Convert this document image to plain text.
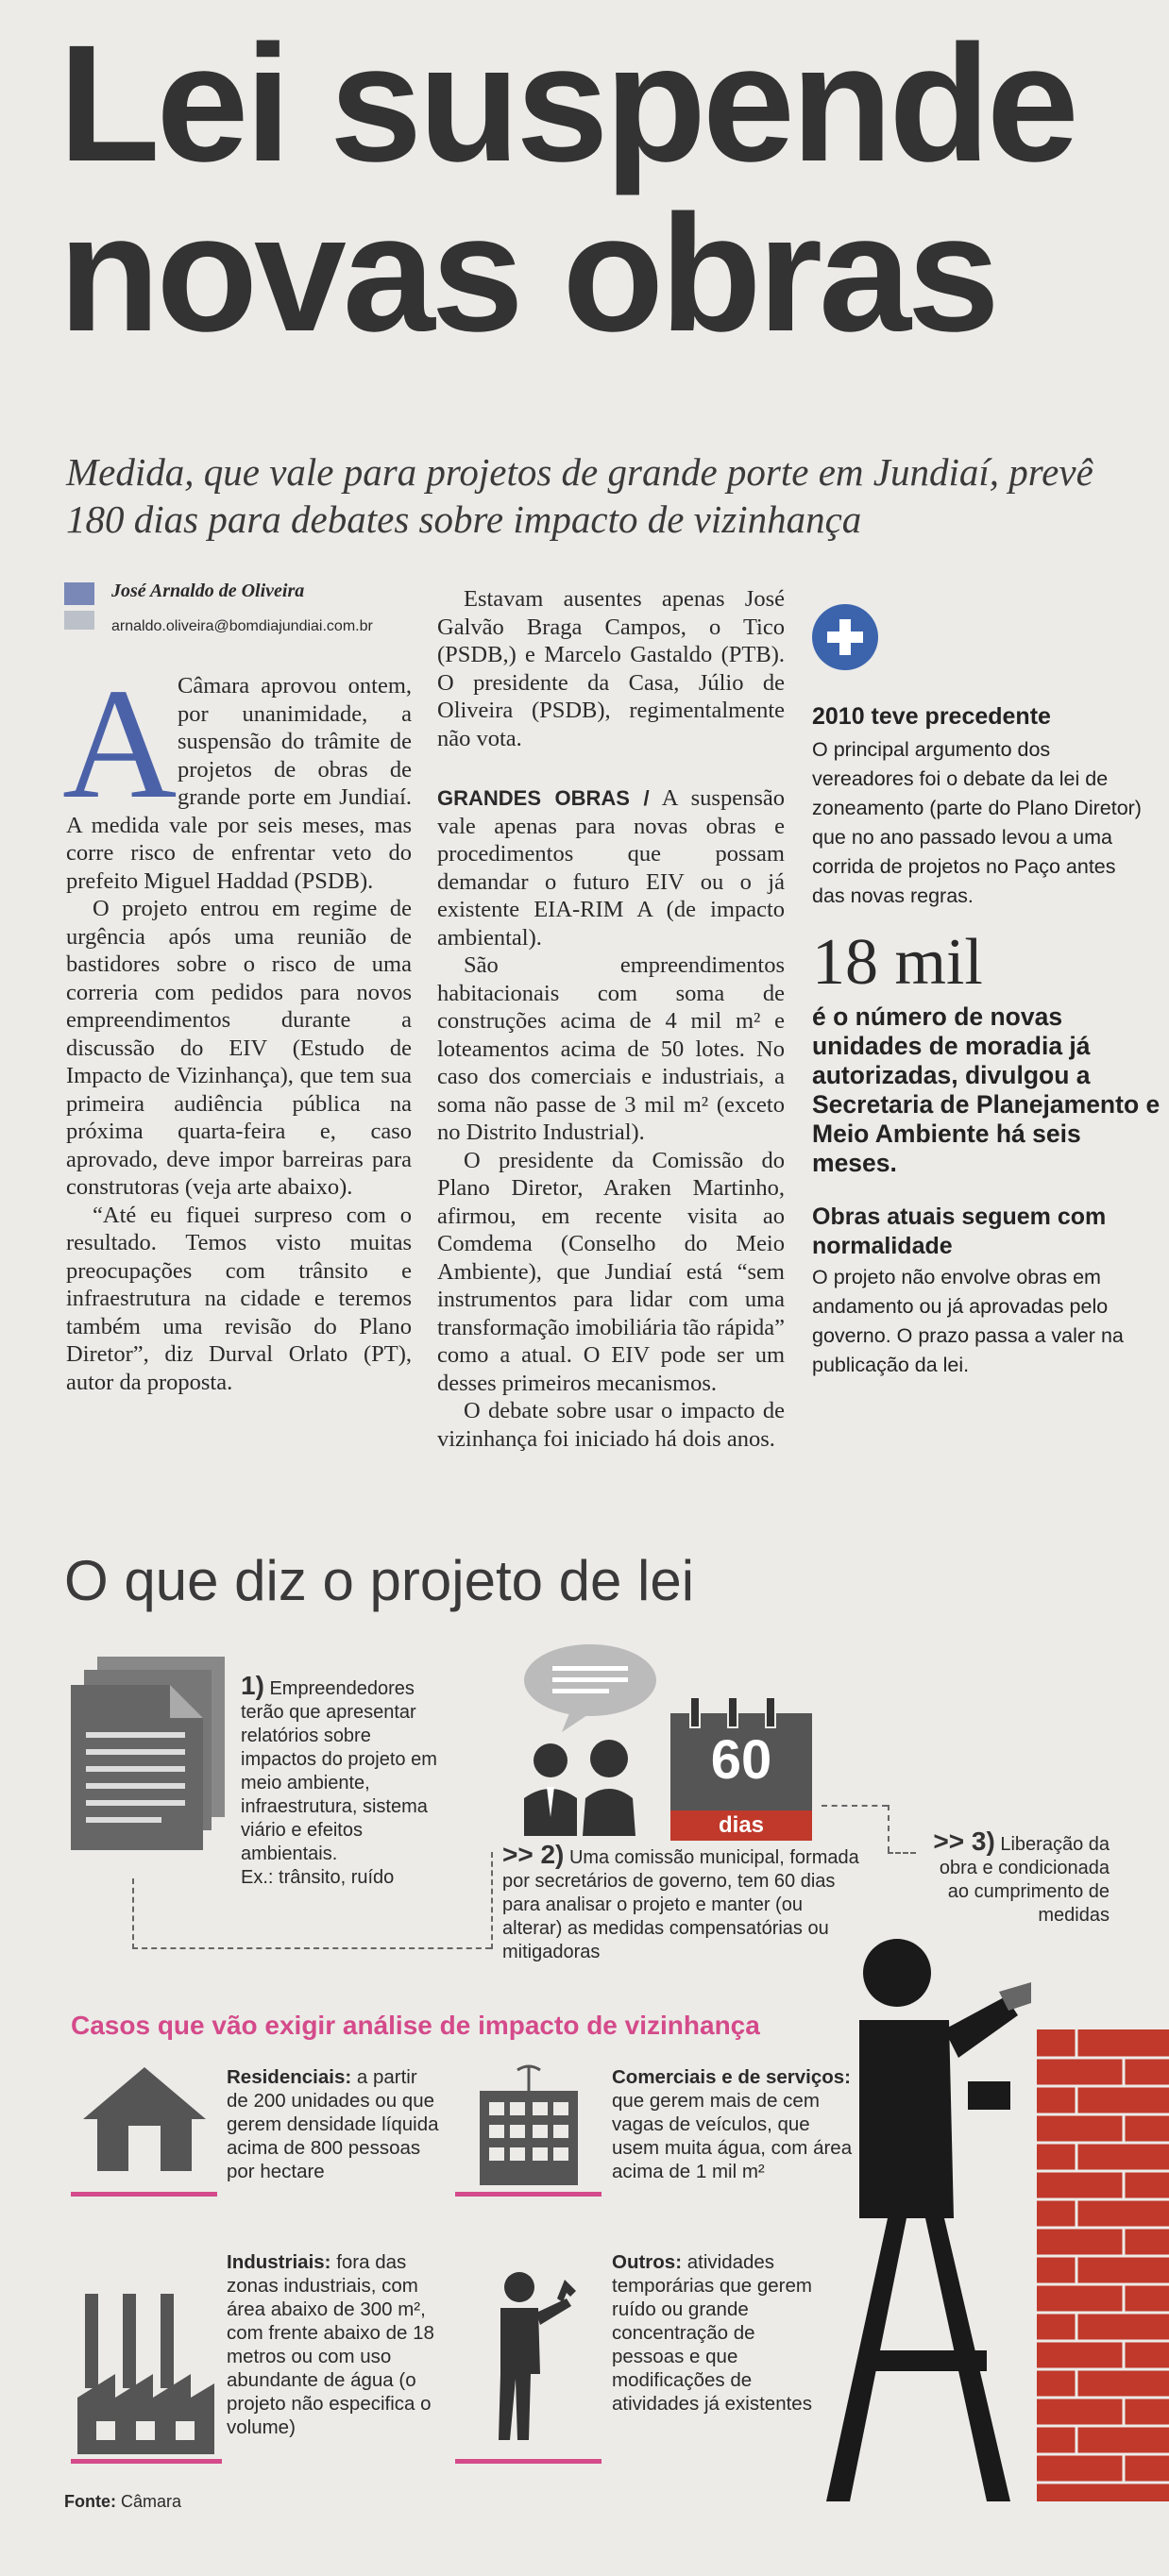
Lei suspende novas obras
Medida, que vale para projetos de grande porte em Jundiaí, prevê 180 dias para debates sobre impacto de vizinhança
José Arnaldo de Oliveira
arnaldo.oliveira@bomdiajundiai.com.br

A Câmara aprovou ontem, por unanimidade, a suspensão do trâmite de projetos de obras de grande porte em Jundiaí. A medida vale por seis meses, mas corre risco de enfrentar veto do prefeito Miguel Haddad (PSDB).

O projeto entrou em regime de urgência após uma reunião de bastidores sobre o risco de uma correria com pedidos para novos empreendimentos durante a discussão do EIV (Estudo de Impacto de Vizinhança), que tem sua primeira audiência pública na próxima quarta-feira e, caso aprovado, deve impor barreiras para construtoras (veja arte abaixo).

“Até eu fiquei surpreso com o resultado. Temos visto muitas preocupações com trânsito e infraestrutura na cidade e teremos também uma revisão do Plano Diretor”, diz Durval Orlato (PT), autor da proposta.

Estavam ausentes apenas José Galvão Braga Campos, o Tico (PSDB,) e Marcelo Gastaldo (PTB). O presidente da Casa, Júlio de Oliveira (PSDB), regimentalmente não vota.

GRANDES OBRAS / A suspensão vale apenas para novas obras e procedimentos que possam demandar o futuro EIV ou o já existente EIA-RIM A (de impacto ambiental).

São empreendimentos habitacionais com soma de construções acima de 4 mil m² e loteamentos acima de 50 lotes. No caso dos comerciais e industriais, a soma não passe de 3 mil m² (exceto no Distrito Industrial).

O presidente da Comissão do Plano Diretor, Araken Martinho, afirmou, em recente visita ao Comdema (Conselho do Meio Ambiente), que Jundiaí está “sem instrumentos para lidar com uma transformação imobiliária tão rápida” como a atual. O EIV pode ser um desses primeiros mecanismos.

O debate sobre usar o impacto de vizinhança foi iniciado há dois anos.

2010 teve precedente
O principal argumento dos vereadores foi o debate da lei de zoneamento (parte do Plano Diretor) que no ano passado levou a uma corrida de projetos no Paço antes das novas regras.
18 mil
é o número de novas unidades de moradia já autorizadas, divulgou a Secretaria de Planejamento e Meio Ambiente há seis meses.
Obras atuais seguem com normalidade
O projeto não envolve obras em andamento ou já aprovadas pelo governo. O prazo passa a valer na publicação da lei.
O que diz o projeto de lei
1) Empreendedores terão que apresentar relatórios sobre impactos do projeto em meio ambiente, infraestrutura, sistema viário e efeitos ambientais.
Ex.: trânsito, ruído
60
dias
>> 2) Uma comissão municipal, formada por secretários de governo, tem 60 dias para analisar o projeto e manter (ou alterar) as medidas compensatórias ou mitigadoras
>> 3) Liberação da obra e condicionada ao cumprimento de medidas
Casos que vão exigir análise de impacto de vizinhança
Residenciais: a partir de 200 unidades ou que gerem densidade líquida acima de 800 pessoas por hectare
Comerciais e de serviços: que gerem mais de cem vagas de veículos, que usem muita água, com área acima de 1 mil m²
Industriais: fora das zonas industriais, com área abaixo de 300 m², com frente abaixo de 18 metros ou com uso abundante de água (o projeto não especifica o volume)
Outros: atividades temporárias que gerem ruído ou grande concentração de pessoas e que modificações de atividades já existentes
Fonte: Câmara
